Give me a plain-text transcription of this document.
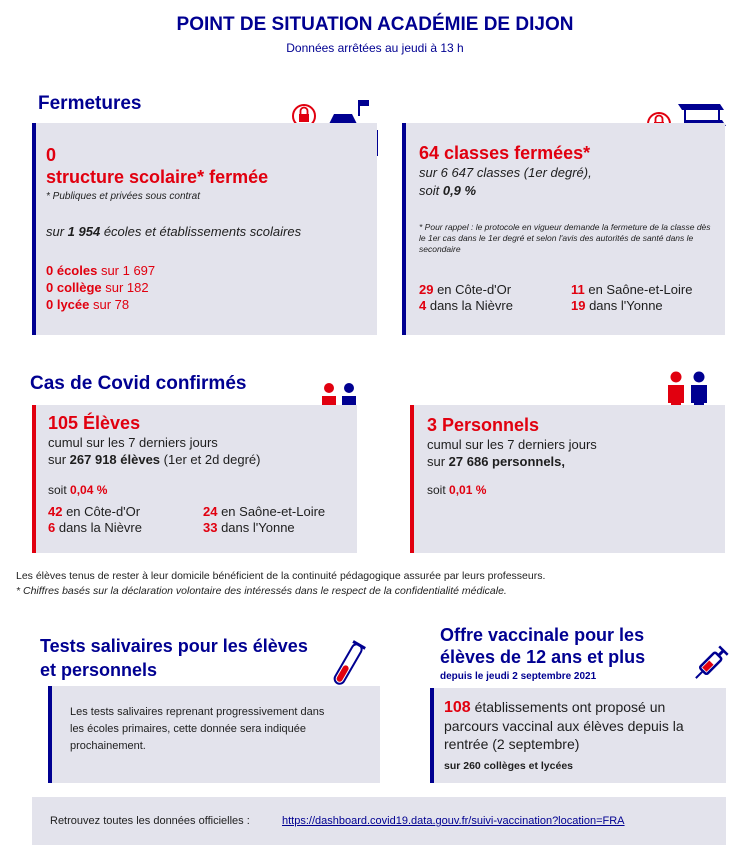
POINT DE SITUATION ACADÉMIE DE DIJON
Données arrêtées au jeudi à 13 h
Fermetures
0
structure scolaire* fermée
* Publiques et privées sous contrat
sur 1 954 écoles et établissements scolaires
0 écoles sur 1 697
0 collège sur 182
0 lycée sur 78
64 classes fermées*
sur 6 647 classes (1er degré),
soit 0,9 %
* Pour rappel : le protocole en vigueur demande la fermeture de la classe dès le 1er cas dans le 1er degré et selon l'avis des autorités de santé dans le secondaire
29 en Côte-d'Or	11 en Saône-et-Loire
4 dans la Nièvre	19 dans l'Yonne
Cas de Covid confirmés
105 Élèves
cumul sur les 7 derniers jours
sur 267 918 élèves (1er et 2d degré)
soit 0,04 %
42 en Côte-d'Or	24 en Saône-et-Loire
6 dans la Nièvre	33 dans l'Yonne
3 Personnels
cumul sur les 7 derniers jours
sur 27 686 personnels,
soit 0,01 %
Les élèves tenus de rester à leur domicile bénéficient de la continuité pédagogique assurée par leurs professeurs.
* Chiffres basés sur la déclaration volontaire des intéressés dans le respect de la confidentialité médicale.
Tests salivaires pour les élèves
et personnels
Les tests salivaires reprenant progressivement dans les écoles primaires, cette donnée sera indiquée prochainement.
Offre vaccinale pour les
élèves de 12 ans et plus
depuis le jeudi 2 septembre 2021
108 établissements ont proposé un
parcours vaccinal aux élèves depuis la
rentrée (2 septembre)
sur 260 collèges et lycées
Retrouvez toutes les données officielles :	https://dashboard.covid19.data.gouv.fr/suivi-vaccination?location=FRA
